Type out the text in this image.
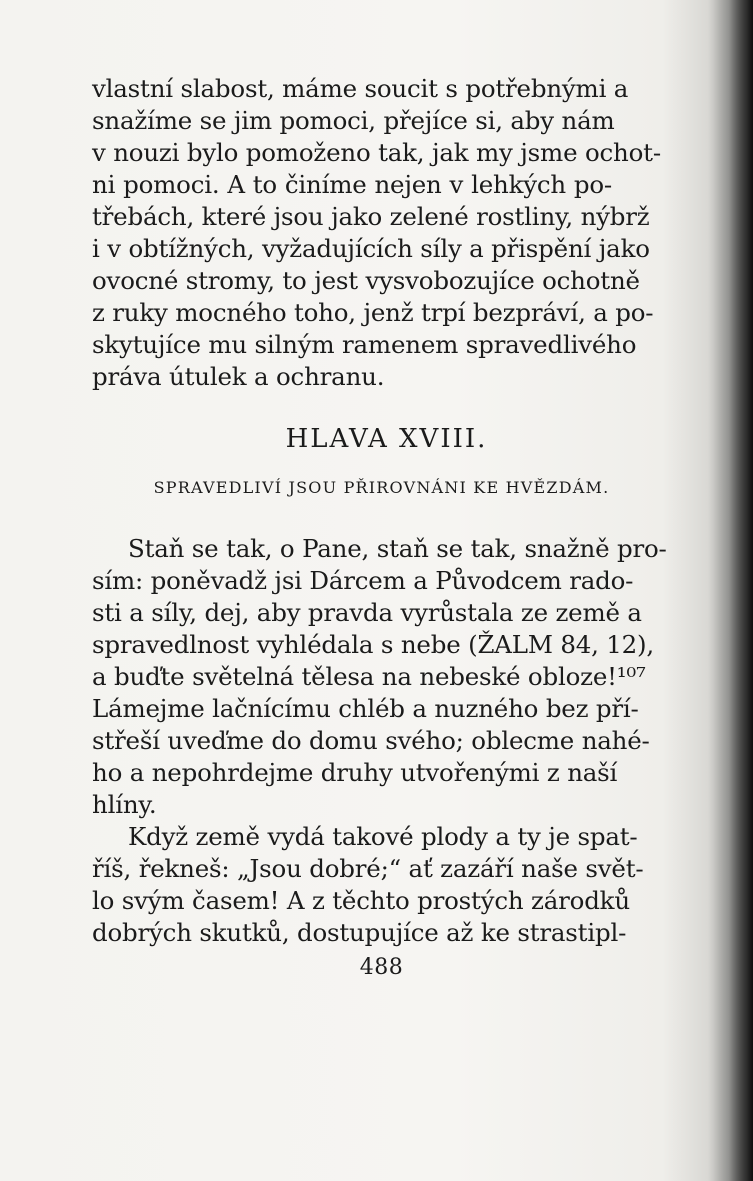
vlastní slabost, máme soucit s potřebnými a
snažíme se jim pomoci, přejíce si, aby nám
v nouzi bylo pomoženo tak, jak my jsme ochot-
ni pomoci. A to činíme nejen v lehkých po-
třebách, které jsou jako zelené rostliny, nýbrž
i v obtížných, vyžadujících síly a přispění jako
ovocné stromy, to jest vysvobozujíce ochotně
z ruky mocného toho, jenž trpí bezpráví, a po-
skytujíce mu silným ramenem spravedlivého
práva útulek a ochranu.
HLAVA XVIII.
SPRAVEDLIVÍ JSOU PŘIROVNÁNI KE HVĚZDÁM.
Staň se tak, o Pane, staň se tak, snažně pro-
sím: poněvadž jsi Dárcem a Původcem rado-
sti a síly, dej, aby pravda vyrůstala ze země a
spravedlnost vyhlédala s nebe (ŽALM 84, 12),
a buďte světelná tělesa na nebeské obloze!¹⁰⁷
Lámejme lačnícímu chléb a nuzného bez pří-
střeší uveďme do domu svého; oblecme nahé-
ho a nepohrdejme druhy utvořenými z naší
hlíny.
Když země vydá takové plody a ty je spat-
říš, řekneš: „Jsou dobré;“ ať zazáří naše svět-
lo svým časem! A z těchto prostých zárodků
dobrých skutků, dostupujíce až ke strastipl-
488
